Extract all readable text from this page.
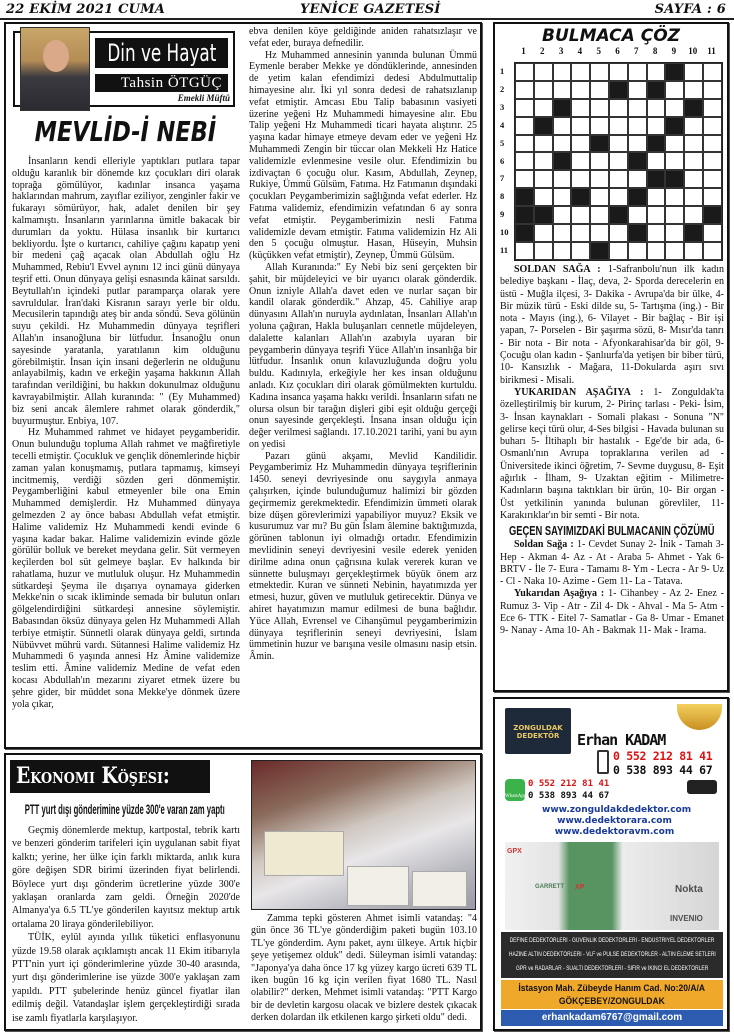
22 EKİM 2021 CUMA	YENİCE GAZETESİ	SAYFA : 6
Din ve Hayat
Tahsin ÖTGÜÇ
Emekli Müftü
MEVLİD-İ NEBİ

İnsanların kendi elleriyle yaptıkları putlara tapar olduğu karanlık bir dönemde kız çocukları diri olarak toprağa gömülüyor, kadınlar insanca yaşama haklarından mahrum, zayıflar eziliyor, zenginler fakir ve fukarayı sömürüyor, hak, adalet denilen bir şey kalmamıştı. İnsanların yarınlarına ümitle bakacak bir durumları da yoktu. Hülasa insanlık bir kurtarıcı bekliyordu. İşte o kurtarıcı, cahiliye çağını kapatıp yeni bir medeni çağ açacak olan Abdullah oğlu Hz Muhammed, Rebiu'l Evvel aynını 12 inci günü dünyaya teşrif etti. Onun dünyaya gelişi esnasında kâinat sarsıldı. Beytullah'ın içindeki putlar paramparça olarak yere savruldular. İran'daki Kisranın sarayı yerle bir oldu. Mecusilerin tapındığı ateş bir anda söndü. Seva gölünün suyu çekildi. Hz Muhammedin dünyaya teşrifleri Allah'ın insanoğluna bir lütfudur. İnsanoğlu onun sayesinde yaratanla, yaratılanın kim olduğunu görebilmiştir. İnsan için insani değerlerin ne olduğunu anlayabilmiş, kadın ve erkeğin yaşama hakkının Allah tarafından verildiğini, bu hakkın dokunulmaz olduğunu kavrayabilmiştir. Allah kuranında: " (Ey Muhammed) biz seni ancak âlemlere rahmet olarak gönderdik," buyurmuştur. Enbiya, 107.

Hz Muhammed rahmet ve hidayet peygamberidir. Onun bulunduğu topluma Allah rahmet ve mağfiretiyle tecelli etmiştir. Çocukluk ve gençlik dönemlerinde hiçbir zaman yalan konuşmamış, putlara tapmamış, kimseyi incitmemiş, verdiği sözden geri dönmemiştir. Peygamberliğini kabul etmeyenler bile ona Emin Muhammed demişlerdir. Hz Muhammed dünyaya gelmezden 2 ay önce babası Abdullah vefat etmiştir. Halime validemiz Hz Muhammedi kendi evinde 6 yaşına kadar bakar. Halime validemizin evinde gözle görülür bolluk ve bereket meydana gelir. Süt vermeyen keçilerden bol süt gelmeye başlar. Ev halkında bir rahatlama, huzur ve mutluluk oluşur. Hz Muhammedin sütkardeşi Şeyma ile dışarıya oynamaya giderken Mekke'nin o sıcak ikliminde semada bir bulutun onları gölgelendirdiğini sütkardeşi annesine söylemiştir. Babasından öksüz dünyaya gelen Hz Muhammedi Allah terbiye etmiştir. Sünnetli olarak dünyaya geldi, sırtında Nübüvvet mührü vardı. Sütannesi Halime validemiz Hz Muhammedi 6 yaşında annesi Hz Âmine validemize teslim etti. Âmine validemiz Medine de vefat eden kocası Abdullah'ın mezarını ziyaret etmek üzere bu şehre gider, bir müddet sona Mekke'ye dönmek üzere yola çıkar,

ebva denilen köye geldiğinde aniden rahatsızlaşır ve vefat eder, buraya defnedilir.

Hz Muhammed annesinin yanında bulunan Ümmü Eymenle beraber Mekke ye döndüklerinde, annesinden de yetim kalan efendimizi dedesi Abdulmuttalip himayesine alır. İki yıl sonra dedesi de rahatsızlanıp vefat etmiştir. Amcası Ebu Talip babasının vasiyeti üzerine yeğeni Hz Muhammedi himayesine alır. Ebu Talip yeğeni Hz Muhammedi ticari hayata alıştırır. 25 yaşına kadar himaye etmeye devam eder ve yeğeni Hz Muhammedi Zengin bir tüccar olan Mekkeli Hz Hatice validemizle evlenmesine vesile olur. Efendimizin bu izdivaçtan 6 çocuğu olur. Kasım, Abdullah, Zeynep, Rukiye, Ümmü Gülsüm, Fatıma. Hz Fatımanın dışındaki çocukları Peygamberimizin sağlığında vefat ederler. Hz Fatıma validemiz, efendimizin vefatından 6 ay sonra vefat etmiştir. Peygamberimizin nesli Fatıma validemizle devam etmiştir. Fatıma validemizin Hz Ali den 5 çocuğu olmuştur. Hasan, Hüseyin, Muhsin (küçükken vefat etmiştir), Zeynep, Ümmü Gülsüm.

Allah Kuranında:" Ey Nebi biz seni gerçekten bir şahit, bir müjdeleyici ve bir uyarıcı olarak gönderdik. Onun izniyle Allah'a davet eden ve nurlar saçan bir kandil olarak gönderdik." Ahzap, 45. Cahiliye arap dünyasını Allah'ın nuruyla aydınlatan, İnsanları Allah'ın yoluna çağıran, Hakla buluşanları cennetle müjdeleyen, dalalette kalanları Allah'ın azabıyla uyaran bir peygamberin dünyaya teşrifi Yüce Allah'ın insanlığa bir lütfudur. İnsanlık onun kılavuzluğunda doğru yolu buldu. Kadınıyla, erkeğiyle her kes insan olduğunu anladı. Kız çocukları diri olarak gömülmekten kurtuldu. Kadına insanca yaşama hakkı verildi. İnsanların sıfatı ne olursa olsun bir tarağın dişleri gibi eşit olduğu gerçeği onun sayesinde gerçekleşti. İnsana insan olduğu için değer verilmesi sağlandı. 17.10.2021 tarihi, yani bu ayın on yedisi

Pazarı günü akşamı, Mevlid Kandilidir. Peygamberimiz Hz Muhammedin dünyaya teşriflerinin 1450. seneyi devriyesinde onu saygıyla anmaya çalışırken, içinde bulunduğumuz halimizi bir gözden geçirmemiz gerekmektedir. Efendimizin ümmeti olarak bize düşen görevlerimizi yapabiliyor muyuz? Eksik ve kusurumuz var mı? Bu gün İslam âlemine baktığımızda, görünen tablonun iyi olmadığı ortadır. Efendimizin mevlidinin seneyi devriyesini vesile ederek yeniden dirilme adına onun çağrısına kulak vererek kuran ve sünnette buluşmayı gerçekleştirmek büyük önem arz etmektedir. Kuran ve sünneti Nebinin, hayatımızda yer etmesi, huzur, güven ve mutluluk getirecektir. Dünya ve ahiret hayatımızın mamur edilmesi de buna bağlıdır. Yüce Allah, Evrensel ve Cihanşümul peygamberimizin dünyaya teşriflerinin seneyi devriyesini, İslam ümmetinin huzur ve barışına vesile olmasını nasip etsin. Âmin.

Ekonomi Köşesi:
PTT yurt dışı gönderimine yüzde 300'e varan zam yaptı

Geçmiş dönemlerde mektup, kartpostal, tebrik kartı ve benzeri gönderim tarifeleri için uygulanan sabit fiyat kalktı; yerine, her ülke için farklı miktarda, anlık kura göre değişen SDR birimi üzerinden fiyat belirlendi. Böylece yurt dışı gönderim ücretlerine yüzde 300'e yaklaşan oranlarda zam geldi. Örneğin 2020'de Almanya'ya 6.5 TL'ye gönderilen kayıtsız mektup artık ortalama 20 liraya gönderilebiliyor.

TÜİK, eylül ayında yıllık tüketici enflasyonunu yüzde 19.58 olarak açıklamıştı ancak 11 Ekim itibarıyla PTT'nin yurt içi gönderimlerine yüzde 30-40 arasında, yurt dışı gönderimlerine ise yüzde 300'e yaklaşan zam yapıldı. PTT şubelerinde henüz güncel fiyatlar ilan edilmiş değil. Vatandaşlar işlem gerçekleştirdiği sırada ise zamlı fiyatlarla karşılaşıyor.

Zamma tepki gösteren Ahmet isimli vatandaş: "4 gün önce 36 TL'ye gönderdiğim paketi bugün 103.10 TL'ye gönderdim. Aynı paket, aynı ülkeye. Artık hiçbir şeye yetişemez olduk" dedi. Süleyman isimli vatandaş: "Japonya'ya daha önce 17 kg yüzey kargo ücreti 639 TL iken bugün 16 kg için verilen fiyat 1680 TL. Nasıl olabilir?" derken, Mehmet isimli vatandaş: "PTT Kargo bir de devletin kargosu olacak ve bizlere destek çıkacak derken dolardan ilk etkilenen kargo şirketi oldu" dedi.

BULMACA ÇÖZ
1	2	3	4	5	6	7	8	9	10	11
1
2
3
4
5
6
7
8
9
10
11

SOLDAN SAĞA : 1-Safranbolu'nun ilk kadın belediye başkanı - İlaç, deva, 2- Sporda derecelerin en üstü - Muğla ilçesi, 3- Dakika - Avrupa'da bir ülke, 4- Bir müzik türü - Eski dilde su, 5- Tartışma (ing.) - Bir nota - Mayıs (ing.), 6- Vilayet - Bir bağlaç - Bir işi yapan, 7- Porselen - Bir şaşırma sözü, 8- Mısır'da tanrı - Bir nota - Bir nota - Afyonkarahisar'da bir göl, 9- Çocuğu olan kadın - Şanlıurfa'da yetişen bir biber türü, 10- Kansızlık - Mağara, 11-Dokularda aşırı sıvı birikmesi - Misali.

YUKARIDAN AŞAĞIYA : 1- Zonguldak'ta özelleştirilmiş bir kurum, 2- Pirinç tarlası - Peki- İsim, 3- İnsan kaynakları - Somali plakası - Sonuna "N" gelirse keçi türü olur, 4-Ses bilgisi - Havada bulunan su buharı 5- İltihaplı bir hastalık - Ege'de bir ada, 6- Osmanlı'nın Avrupa topraklarına verilen ad - Üniversitede ikinci öğretim, 7- Sevme duygusu, 8- Eşit ağırlık - İlham, 9- Uzaktan eğitim - Milimetre- Kadınların başına taktıkları bir ürün, 10- Bir organ - Üst yetkilinin yanında bulunan görevliler, 11- Karakırıklar'ın bir semti - Bir nota.

GEÇEN SAYIMIZDAKİ BULMACANIN ÇÖZÜMÜ

Soldan Sağa : 1- Cevdet Sunay 2- İnik - Tamah 3- Hep - Akman 4- Az - At - Araba 5- Ahmet - Yak 6- BRTV - İle 7- Eura - Tamamı 8- Ym - Lecra - Ar 9- Uz - Cl - Naka 10- Azime - Gem 11- La - Tatava.

Yukarıdan Aşağıya : 1- Cihanbey - Az 2- Enez - Rumuz 3- Vip - Atr - Zil 4- Dk - Ahval - Ma 5- Atm - Ece 6- TTK - Eitel 7- Samatlar - Ga 8- Umar - Emanet 9- Nanay - Ama 10- Ah - Bakmak 11- Mak - Irama.

ZONGULDAK DEDEKTÖR	Erhan KADAM
0 552 212 81 41
0 538 893 44 67
WhatsApp
0 552 212 81 41
0 538 893 44 67
www.zonguldakdedektor.com
www.dedektorara.com
www.dedektoravm.com
GARRETT XP	Nokta
INVENIO
GPX
DEFİNE DEDEKTÖRLERİ - GÜVENLİK DEDEKTÖRLERİ - ENDÜSTRİYEL DEDEKTÖRLER
HAZİNE ALTIN DEDEKTÖRLERİ - VLF ve PULSE DEDEKTÖRLER - ALTIN ELEME SETLERİ
GPR ve RADARLAR - SUALTI DEDEKTÖRLERİ - SIFIR ve İKİNCİ EL DEDEKTÖRLER
İstasyon Mah. Zübeyde Hanım Cad. No:20/A/A
GÖKÇEBEY/ZONGULDAK
erhankadam6767@gmail.com
